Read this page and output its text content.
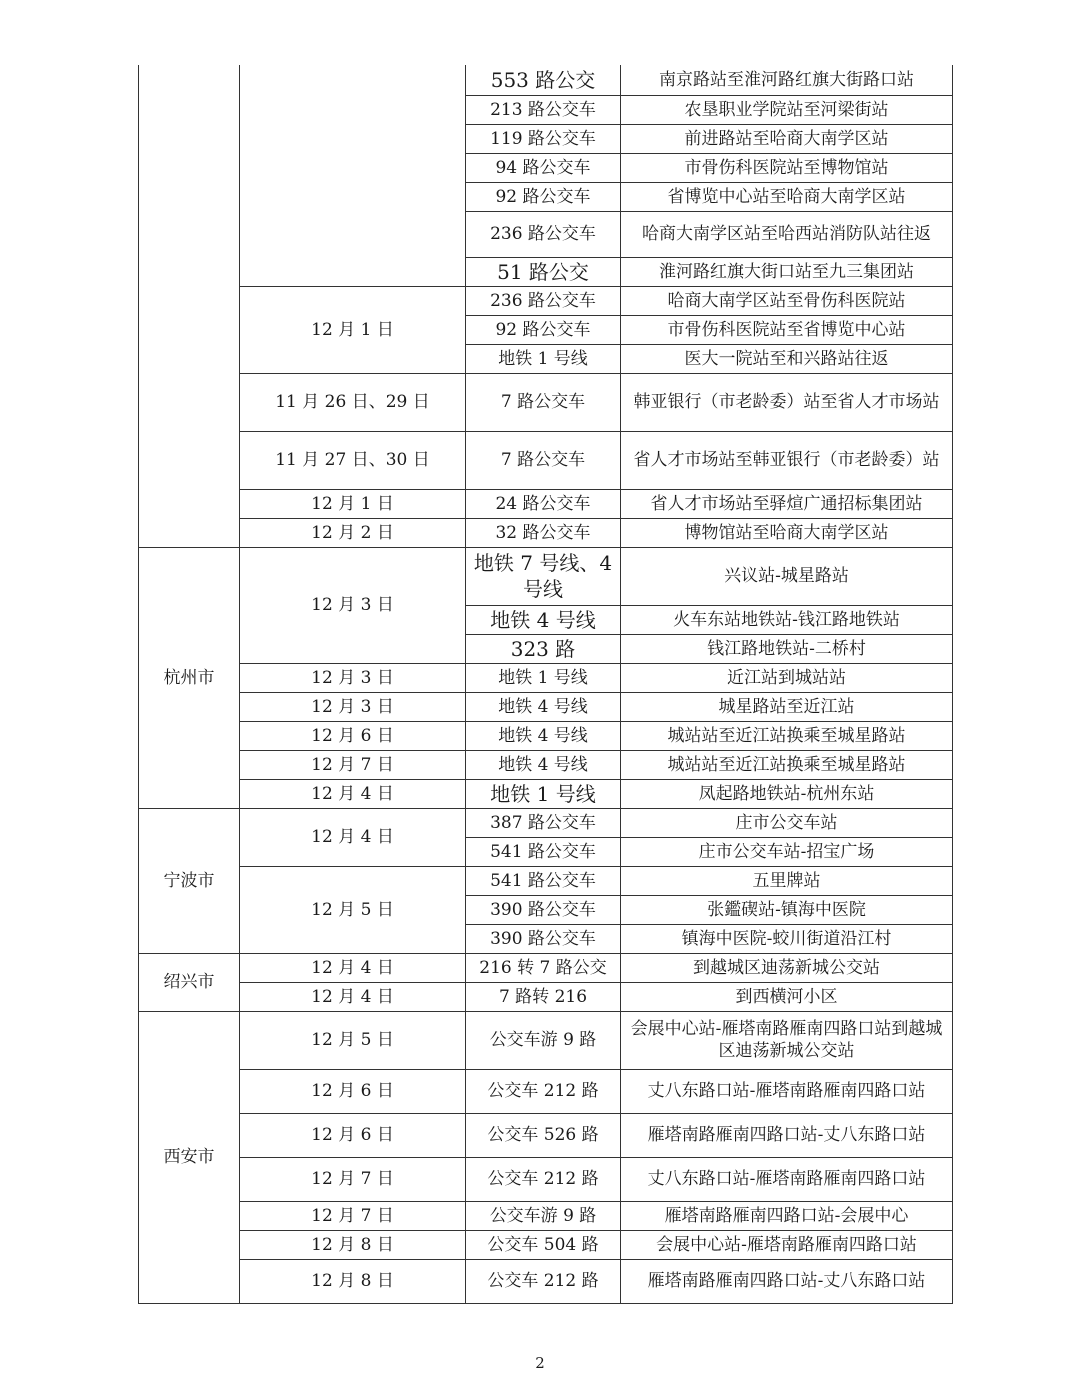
		553 路公交	南京路站至淮河路红旗大街路口站
		213 路公交车	农垦职业学院站至河梁街站
		119 路公交车	前进路站至哈商大南学区站
		94 路公交车	市骨伤科医院站至博物馆站
		92 路公交车	省博览中心站至哈商大南学区站
		236 路公交车	哈商大南学区站至哈西站消防队站往返
		51 路公交	淮河路红旗大街口站至九三集团站
	12 月 1 日	236 路公交车	哈商大南学区站至骨伤科医院站
		92 路公交车	市骨伤科医院站至省博览中心站
		地铁 1 号线	医大一院站至和兴路站往返
	11 月 26 日、29 日	7 路公交车	韩亚银行（市老龄委）站至省人才市场站
	11 月 27 日、30 日	7 路公交车	省人才市场站至韩亚银行（市老龄委）站
	12 月 1 日	24 路公交车	省人才市场站至驿煊广通招标集团站
	12 月 2 日	32 路公交车	博物馆站至哈商大南学区站
杭州市	12 月 3 日	地铁 7 号线、4 号线	兴议站-城星路站
		地铁 4 号线	火车东站地铁站-钱江路地铁站
		323 路	钱江路地铁站-二桥村
	12 月 3 日	地铁 1 号线	近江站到城站站
	12 月 3 日	地铁 4 号线	城星路站至近江站
	12 月 6 日	地铁 4 号线	城站站至近江站换乘至城星路站
	12 月 7 日	地铁 4 号线	城站站至近江站换乘至城星路站
	12 月 4 日	地铁 1 号线	凤起路地铁站-杭州东站
宁波市	12 月 4 日	387 路公交车	庄市公交车站
		541 路公交车	庄市公交车站-招宝广场
	12 月 5 日	541 路公交车	五里牌站
		390 路公交车	张鑑碶站-镇海中医院
		390 路公交车	镇海中医院-蛟川街道沿江村
绍兴市	12 月 4 日	216 转 7 路公交	到越城区迪荡新城公交站
	12 月 4 日	7 路转 216	到西横河小区
西安市	12 月 5 日	公交车游 9 路	会展中心站-雁塔南路雁南四路口站到越城区迪荡新城公交站
	12 月 6 日	公交车 212 路	丈八东路口站-雁塔南路雁南四路口站
	12 月 6 日	公交车 526 路	雁塔南路雁南四路口站-丈八东路口站
	12 月 7 日	公交车 212 路	丈八东路口站-雁塔南路雁南四路口站
	12 月 7 日	公交车游 9 路	雁塔南路雁南四路口站-会展中心
	12 月 8 日	公交车 504 路	会展中心站-雁塔南路雁南四路口站
	12 月 8 日	公交车 212 路	雁塔南路雁南四路口站-丈八东路口站
2
